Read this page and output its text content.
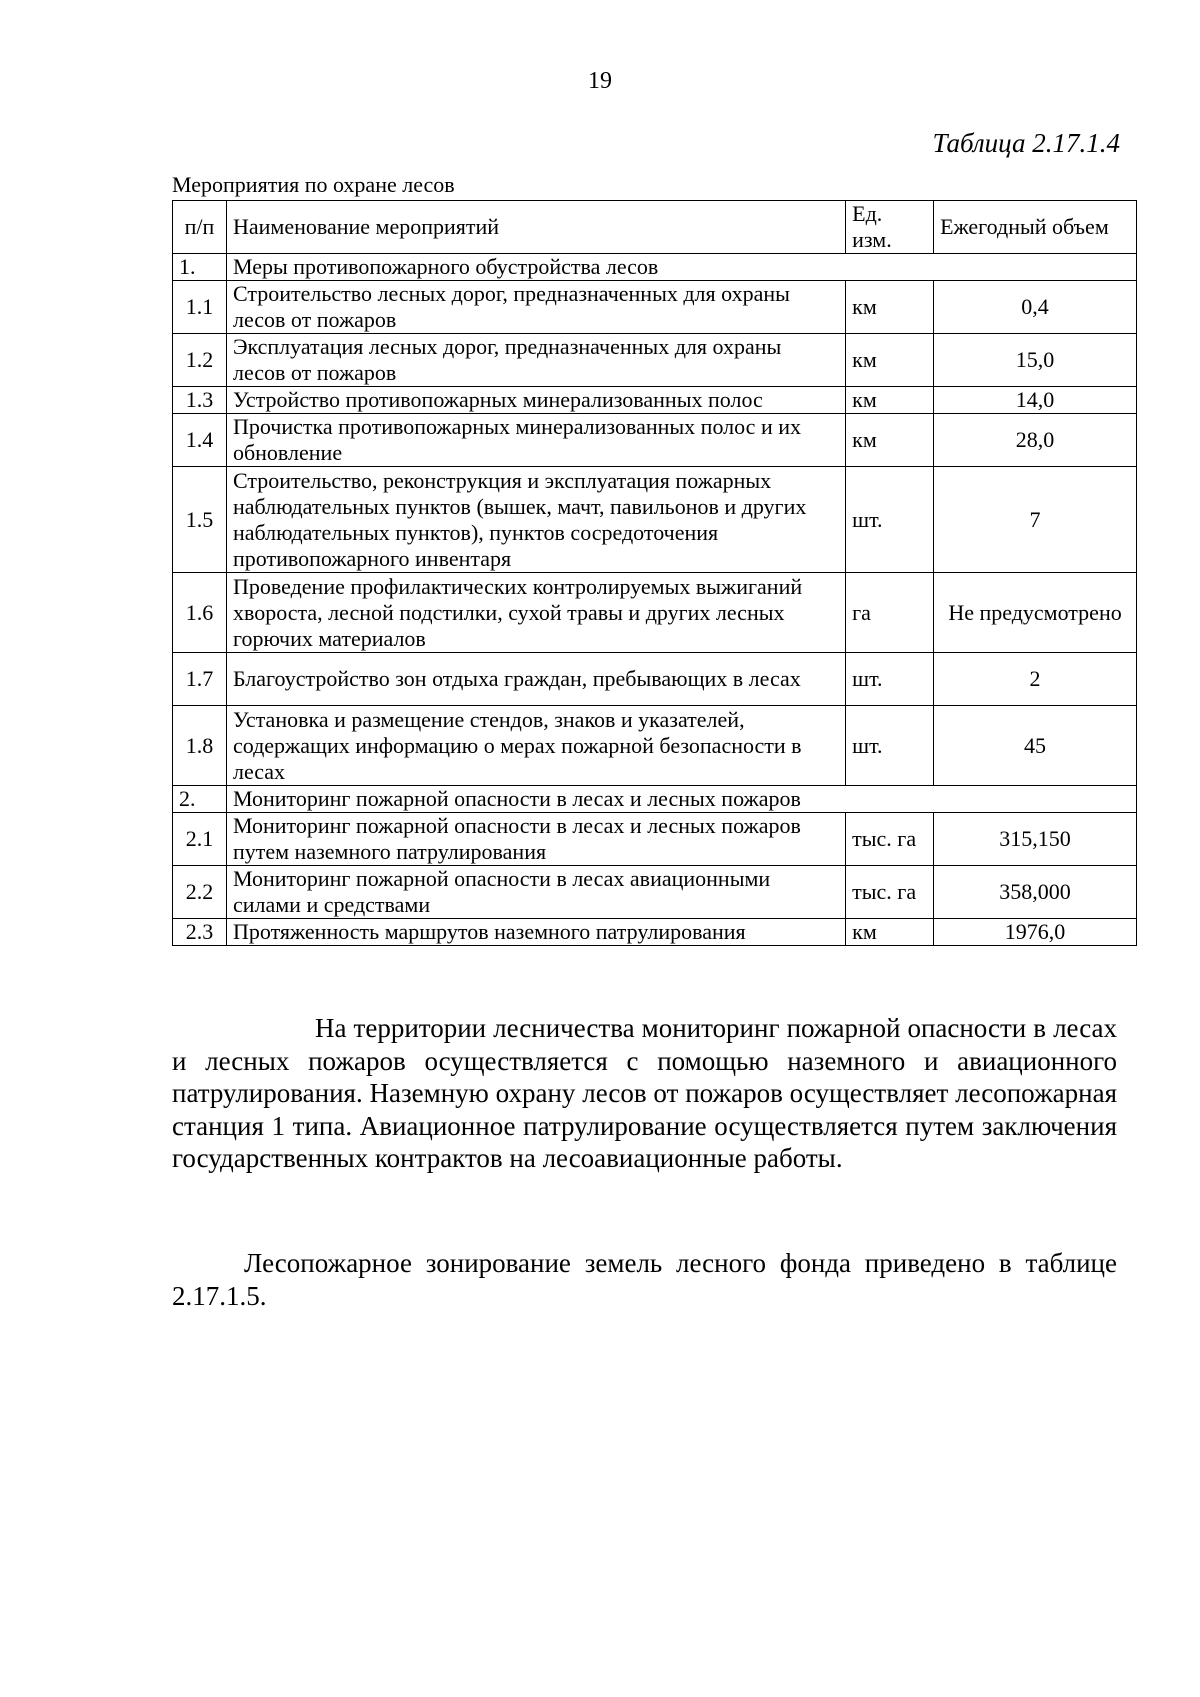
19
Таблица 2.17.1.4
Мероприятия по охране лесов
п/п	Наименование мероприятий	Ед. изм.	Ежегодный объем
1.	Меры противопожарного обустройства лесов		
1.1	Строительство лесных дорог, предназначенных для охраны лесов от пожаров	км	0,4
1.2	Эксплуатация лесных дорог, предназначенных для охраны лесов от пожаров	км	15,0
1.3	Устройство противопожарных минерализованных полос	км	14,0
1.4	Прочистка противопожарных минерализованных полос и их обновление	км	28,0
1.5	Строительство, реконструкция и эксплуатация пожарных наблюдательных пунктов (вышек, мачт, павильонов и других наблюдательных пунктов), пунктов сосредоточения противопожарного инвентаря	шт.	7
1.6	Проведение профилактических контролируемых выжиганий хвороста, лесной подстилки, сухой травы и других лесных горючих материалов	га	Не предусмотрено
1.7	Благоустройство зон отдыха граждан, пребывающих в лесах	шт.	2
1.8	Установка и размещение стендов, знаков и указателей, содержащих информацию о мерах пожарной безопасности в лесах	шт.	45
2.	Мониторинг пожарной опасности в лесах и лесных пожаров		
2.1	Мониторинг пожарной опасности в лесах и лесных пожаров путем наземного патрулирования	тыс. га	315,150
2.2	Мониторинг пожарной опасности в лесах авиационными силами и средствами	тыс. га	358,000
2.3	Протяженность маршрутов наземного патрулирования	км	1976,0
На территории лесничества мониторинг пожарной опасности в лесах и лесных пожаров осуществляется с помощью наземного и авиационного патрулирования. Наземную охрану лесов от пожаров осуществляет лесопожарная станция 1 типа. Авиационное патрулирование осуществляется путем заключения государственных контрактов на лесоавиационные работы.
Лесопожарное зонирование земель лесного фонда приведено в таблице 2.17.1.5.
